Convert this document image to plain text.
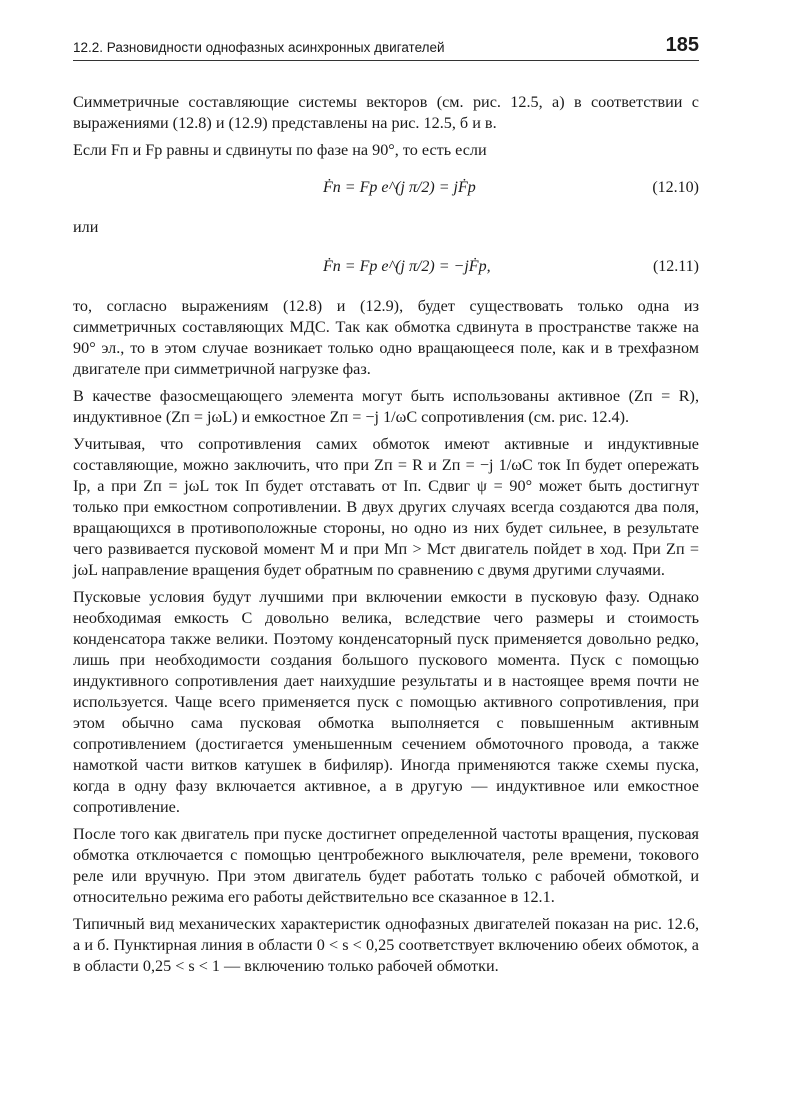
12.2. Разновидности однофазных асинхронных двигателей	185

Симметричные составляющие системы векторов (см. рис. 12.5, а) в соответствии с выражениями (12.8) и (12.9) представлены на рис. 12.5, б и в.

Если Fп и Fр равны и сдвинуты по фазе на 90°, то есть если

Ḟп = Fр e^(j π/2) = jḞр	(12.10)

или

Ḟп = Fр e^(j π/2) = −jḞр,	(12.11)

то, согласно выражениям (12.8) и (12.9), будет существовать только одна из симметричных составляющих МДС. Так как обмотка сдвинута в пространстве также на 90° эл., то в этом случае возникает только одно вращающееся поле, как и в трехфазном двигателе при симметричной нагрузке фаз.

В качестве фазосмещающего элемента могут быть использованы активное (Zп = R), индуктивное (Zп = jωL) и емкостное Zп = −j 1/ωC сопротивления (см. рис. 12.4).

Учитывая, что сопротивления самих обмоток имеют активные и индуктивные составляющие, можно заключить, что при Zп = R и Zп = −j 1/ωC ток Iп будет опережать Iр, а при Zп = jωL ток Iп будет отставать от Iп. Сдвиг ψ = 90° может быть достигнут только при емкостном сопротивлении. В двух других случаях всегда создаются два поля, вращающихся в противоположные стороны, но одно из них будет сильнее, в результате чего развивается пусковой момент M и при Mп > Mст двигатель пойдет в ход. При Zп = jωL направление вращения будет обратным по сравнению с двумя другими случаями.

Пусковые условия будут лучшими при включении емкости в пусковую фазу. Однако необходимая емкость C довольно велика, вследствие чего размеры и стоимость конденсатора также велики. Поэтому конденсаторный пуск применяется довольно редко, лишь при необходимости создания большого пускового момента. Пуск с помощью индуктивного сопротивления дает наихудшие результаты и в настоящее время почти не используется. Чаще всего применяется пуск с помощью активного сопротивления, при этом обычно сама пусковая обмотка выполняется с повышенным активным сопротивлением (достигается уменьшенным сечением обмоточного провода, а также намоткой части витков катушек в бифиляр). Иногда применяются также схемы пуска, когда в одну фазу включается активное, а в другую — индуктивное или емкостное сопротивление.

После того как двигатель при пуске достигнет определенной частоты вращения, пусковая обмотка отключается с помощью центробежного выключателя, реле времени, токового реле или вручную. При этом двигатель будет работать только с рабочей обмоткой, и относительно режима его работы действительно все сказанное в 12.1.

Типичный вид механических характеристик однофазных двигателей показан на рис. 12.6, а и б. Пунктирная линия в области 0 < s < 0,25 соответствует включению обеих обмоток, а в области 0,25 < s < 1 — включению только рабочей обмотки.
